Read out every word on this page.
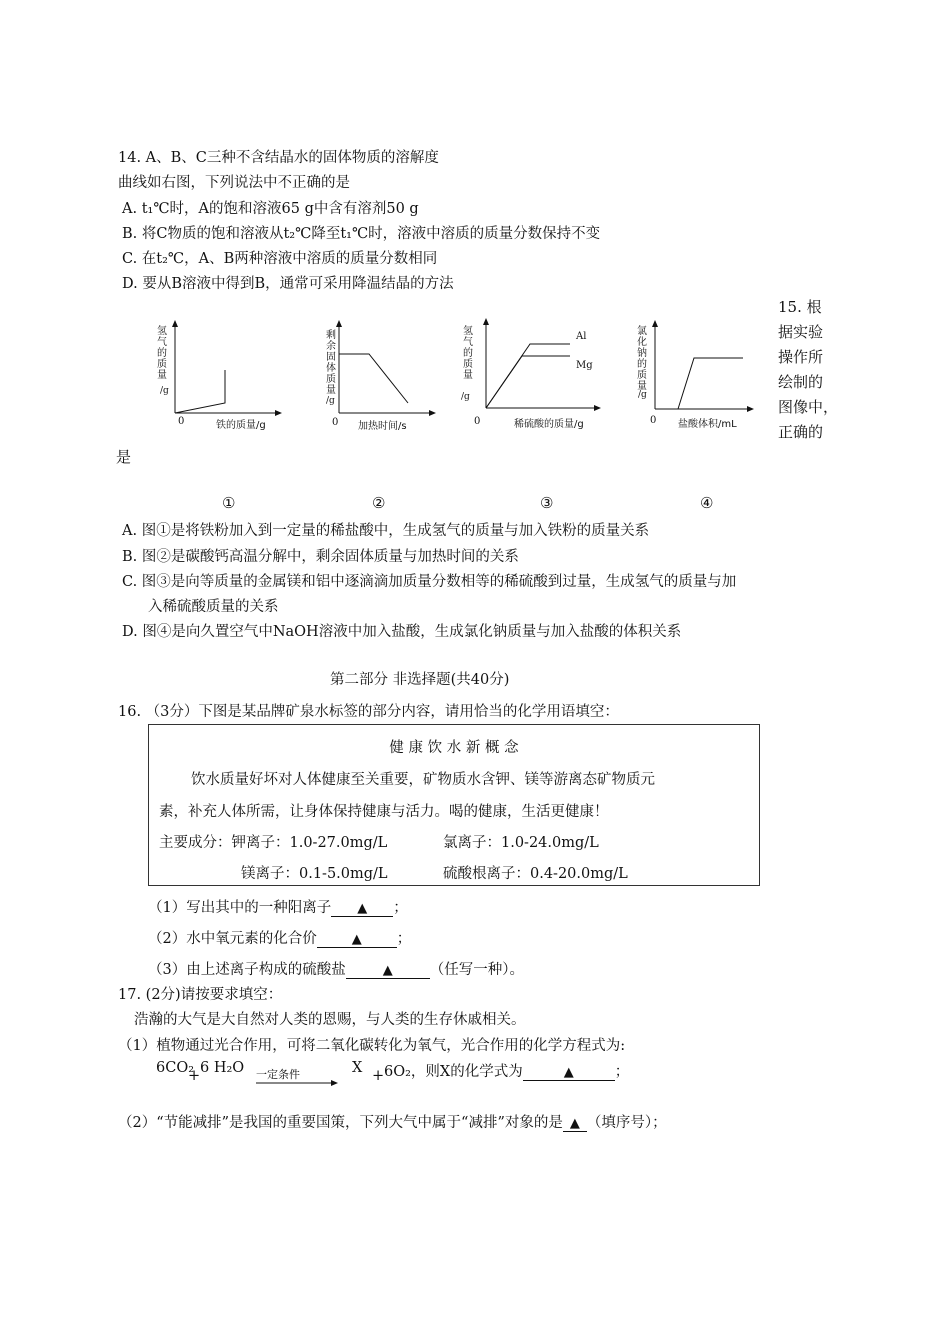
14. A、B、C三种不含结晶水的固体物质的溶解度
曲线如右图，下列说法中不正确的是
A. t₁℃时，A的饱和溶液65 g中含有溶剂50 g
B. 将C物质的饱和溶液从t₂℃降至t₁℃时，溶液中溶质的质量分数保持不变
C. 在t₂℃，A、B两种溶液中溶质的质量分数相同
D. 要从B溶液中得到B，通常可采用降温结晶的方法
15. 根
据实验
操作所
绘制的
图像中，
正确的
是
氢气的质量
/g
0	铁的质量/g
剩余固体质量
/g
0 加热时间/s
氢气的质量
Al
Mg
/g
0	稀硫酸的质量/g
氯化钠的质量
/g
0 盐酸体积/mL
①	②	③	④
A. 图①是将铁粉加入到一定量的稀盐酸中，生成氢气的质量与加入铁粉的质量关系
B. 图②是碳酸钙高温分解中，剩余固体质量与加热时间的关系
C. 图③是向等质量的金属镁和铝中逐滴滴加质量分数相等的稀硫酸到过量，生成氢气的质量与加
入稀硫酸质量的关系
D. 图④是向久置空气中NaOH溶液中加入盐酸，生成氯化钠质量与加入盐酸的体积关系
第二部分 非选择题(共40分)
16. （3分）下图是某品牌矿泉水标签的部分内容，请用恰当的化学用语填空：
健 康 饮 水 新 概 念
饮水质量好坏对人体健康至关重要，矿物质水含钾、镁等游离态矿物质元
素，补充人体所需，让身体保持健康与活力。喝的健康，生活更健康！
主要成分：钾离子：1.0-27.0mg/L	氯离子：1.0-24.0mg/L
镁离子：0.1-5.0mg/L	硫酸根离子：0.4-20.0mg/L
（1）写出其中的一种阳离子 ▲ ；
（2）水中氧元素的化合价	▲ ；
（3）由上述离子构成的硫酸盐	▲	（任写一种）。
17. (2分)请按要求填空：
浩瀚的大气是大自然对人类的恩赐，与人类的生存休戚相关。
（1）植物通过光合作用，可将二氧化碳转化为氧气，光合作用的化学方程式为:
6CO₂
+ 6 H₂O 一定条件	X + 6O₂，则X的化学式为	▲	；
（2）“节能减排”是我国的重要国策，下列大气中属于“减排”对象的是 ▲ （填序号）；
